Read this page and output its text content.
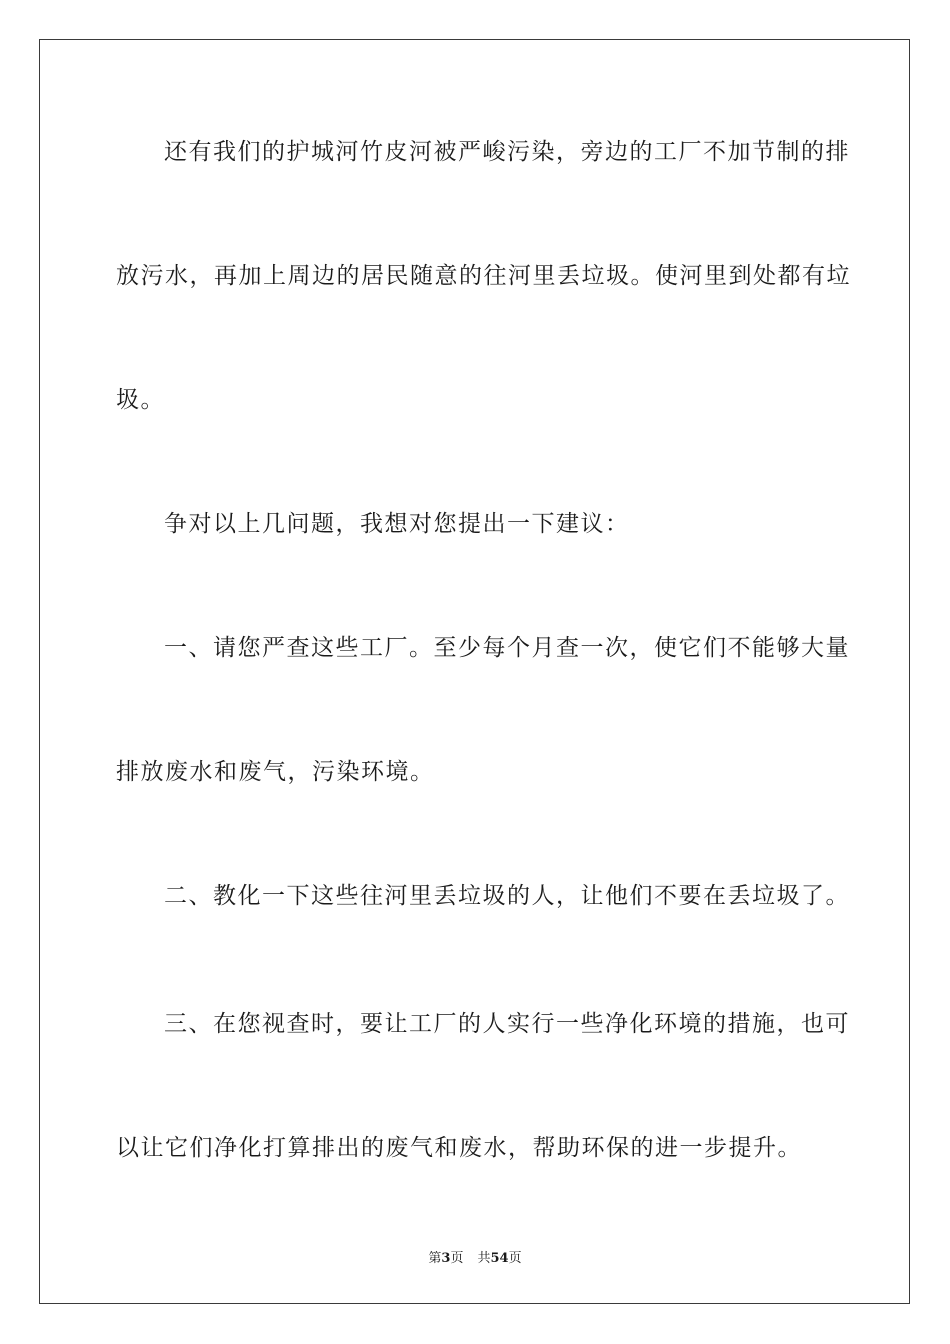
还有我们的护城河竹皮河被严峻污染，旁边的工厂不加节制的排
放污水，再加上周边的居民随意的往河里丢垃圾。使河里到处都有垃
圾。
争对以上几问题，我想对您提出一下建议：
一、请您严查这些工厂。至少每个月查一次，使它们不能够大量
排放废水和废气，污染环境。
二、教化一下这些往河里丢垃圾的人，让他们不要在丢垃圾了。
三、在您视查时，要让工厂的人实行一些净化环境的措施，也可
以让它们净化打算排出的废气和废水，帮助环保的进一步提升。
第3页 共54页
